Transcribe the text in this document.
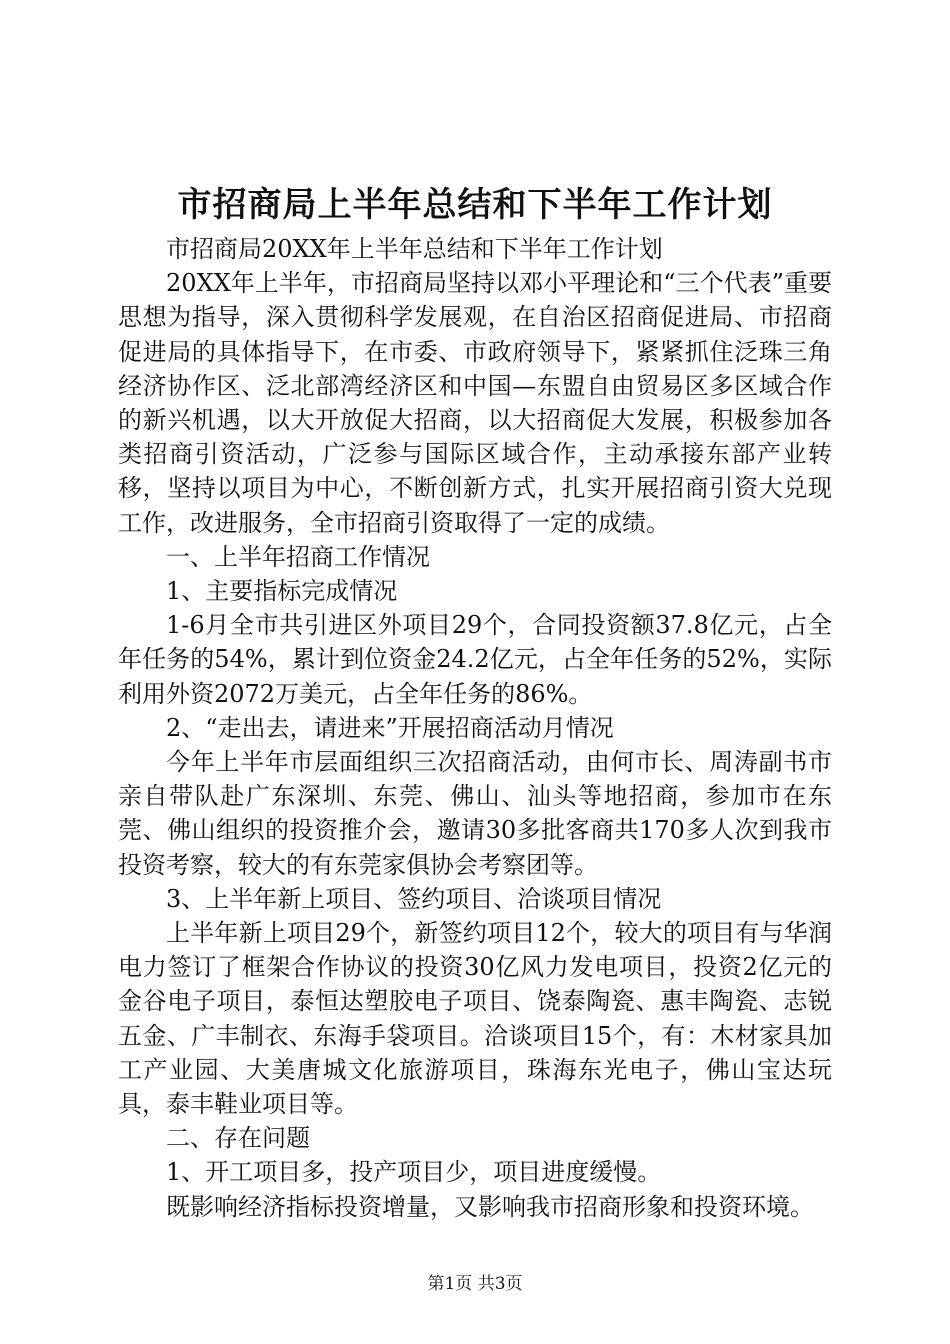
市招商局上半年总结和下半年工作计划

市招商局20XX年上半年总结和下半年工作计划

20XX年上半年，市招商局坚持以邓小平理论和“三个代表”重要思想为指导，深入贯彻科学发展观，在自治区招商促进局、市招商促进局的具体指导下，在市委、市政府领导下，紧紧抓住泛珠三角经济协作区、泛北部湾经济区和中国—东盟自由贸易区多区域合作的新兴机遇，以大开放促大招商，以大招商促大发展，积极参加各类招商引资活动，广泛参与国际区域合作，主动承接东部产业转移，坚持以项目为中心，不断创新方式，扎实开展招商引资大兑现工作，改进服务，全市招商引资取得了一定的成绩。

一、上半年招商工作情况

1、主要指标完成情况

1-6月全市共引进区外项目29个，合同投资额37.8亿元，占全年任务的54%，累计到位资金24.2亿元，占全年任务的52%，实际利用外资2072万美元，占全年任务的86%。

2、“走出去，请进来”开展招商活动月情况

今年上半年市层面组织三次招商活动，由何市长、周涛副书市亲自带队赴广东深圳、东莞、佛山、汕头等地招商，参加市在东莞、佛山组织的投资推介会，邀请30多批客商共170多人次到我市投资考察，较大的有东莞家俱协会考察团等。

3、上半年新上项目、签约项目、洽谈项目情况

上半年新上项目29个，新签约项目12个，较大的项目有与华润电力签订了框架合作协议的投资30亿风力发电项目，投资2亿元的金谷电子项目，泰恒达塑胶电子项目、饶泰陶瓷、惠丰陶瓷、志锐五金、广丰制衣、东海手袋项目。洽谈项目15个，有：木材家具加工产业园、大美唐城文化旅游项目，珠海东光电子，佛山宝达玩具，泰丰鞋业项目等。

二、存在问题

1、开工项目多，投产项目少，项目进度缓慢。

既影响经济指标投资增量，又影响我市招商形象和投资环境。

第1页 共3页
